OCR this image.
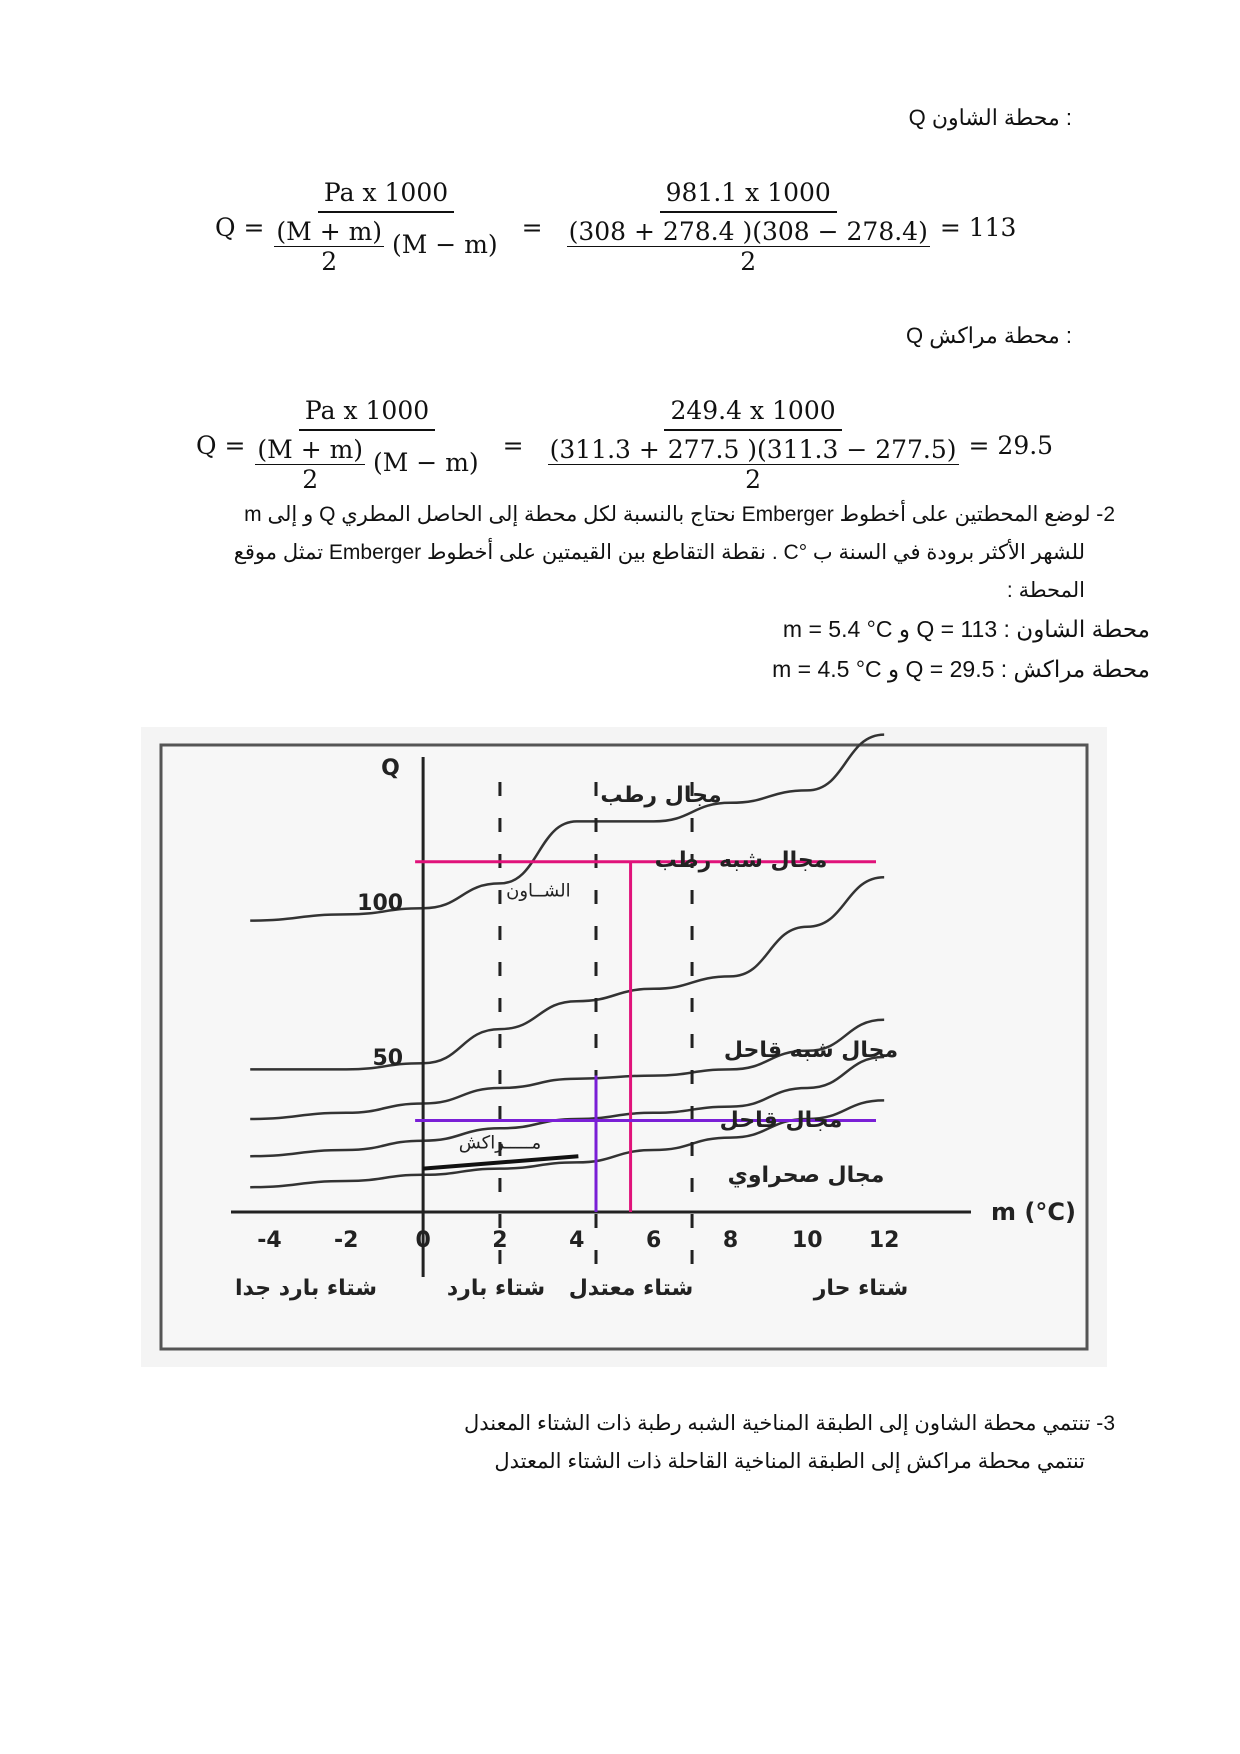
Q محطة الشاون :
$Q = \frac{\text{Pa x 1000}}{\frac{(M + m)}{2} (M - m)} = \frac{981.1 x 1000}{\frac{(308 + 278.4 )(308 - 278.4)}{2}} = 113$
Q محطة مراكش :
$Q = \frac{\text{Pa x 1000}}{\frac{(M + m)}{2} (M - m)} = \frac{249.4 x 1000}{\frac{(311.3 + 277.5 )(311.3 - 277.5)}{2}} = 29.5$
2- لوضع المحطتين على أخطوط Emberger نحتاج بالنسبة لكل محطة إلى الحاصل المطري Q و إلى m
للشهر الأكثر برودة في السنة ب °C . نقطة التقاطع بين القيمتين على أخطوط Emberger تمثل موقع
المحطة :
محطة الشاون : Q = 113 و m = 5.4 °C
محطة مراكش : Q = 29.5 و m = 4.5 °C
Q
m (°C)
-4 -2	0	2	4	6	8 10 12
50
100	الشــاون
مـــــراكش
مجال رطب
مجال شبه رطب
مجال شبه قاحل
مجال قاحل
مجال صحراوي
شتاء بارد جدا	شتاء بارد شتاء معتدل	شتاء حار
3- تنتمي محطة الشاون إلى الطبقة المناخية الشبه رطبة ذات الشتاء المعندل
تنتمي محطة مراكش إلى الطبقة المناخية القاحلة ذات الشتاء المعتدل
